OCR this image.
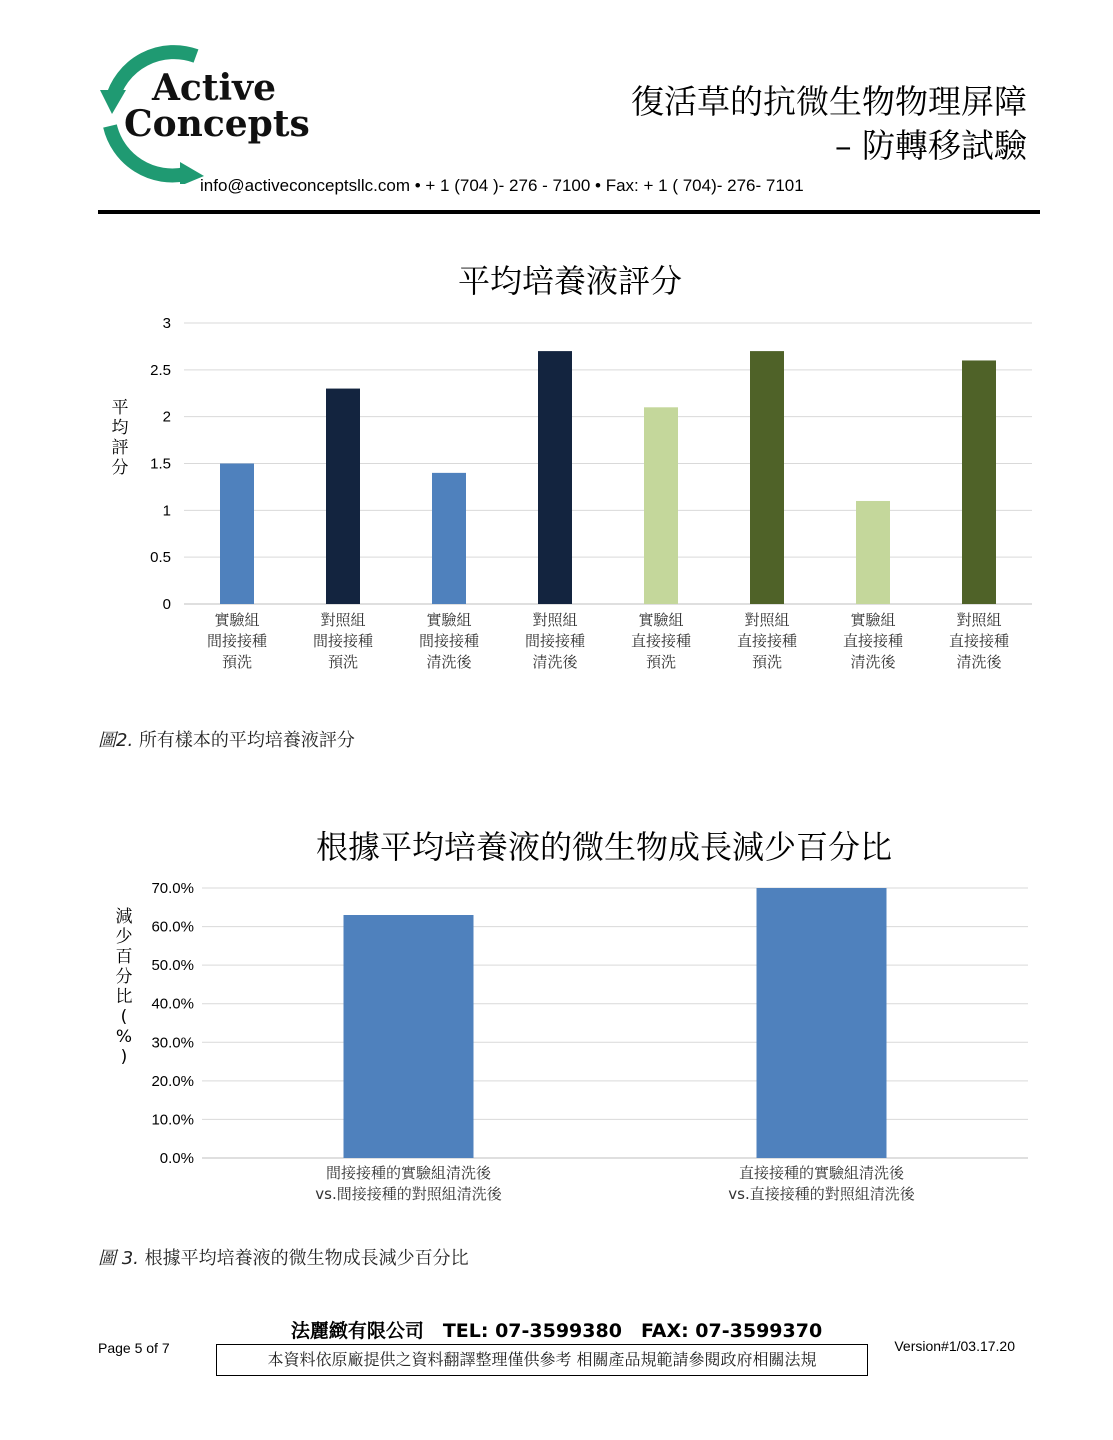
Active
Concepts
復活草的抗微生物物理屏障
– 防轉移試驗
info@activeconceptsllc.com • + 1 (704 )- 276 - 7100 • Fax: + 1 ( 704)- 276- 7101
平均培養液評分
0
0.5
1
1.5
2
2.5
3
平均評分
實驗組間接接種預洗
對照組間接接種預洗
實驗組間接接種清洗後
對照組間接接種清洗後
實驗組直接接種預洗
對照組直接接種預洗
實驗組直接接種清洗後
對照組直接接種清洗後
圖2. 所有樣本的平均培養液評分
根據平均培養液的微生物成長減少百分比
0.0%
10.0%
20.0%
30.0%
40.0%
50.0%
60.0%
70.0%
減少百分比( % )
間接接種的實驗組清洗後 vs.間接接種的對照組清洗後
直接接種的實驗組清洗後 vs.直接接種的對照組清洗後
圖 3. 根據平均培養液的微生物成長減少百分比
法麗緻有限公司　TEL: 07-3599380　FAX: 07-3599370
Page 5 of 7	Version#1/03.17.20
本資料依原廠提供之資料翻譯整理僅供參考 相關產品規範請參閱政府相關法規
